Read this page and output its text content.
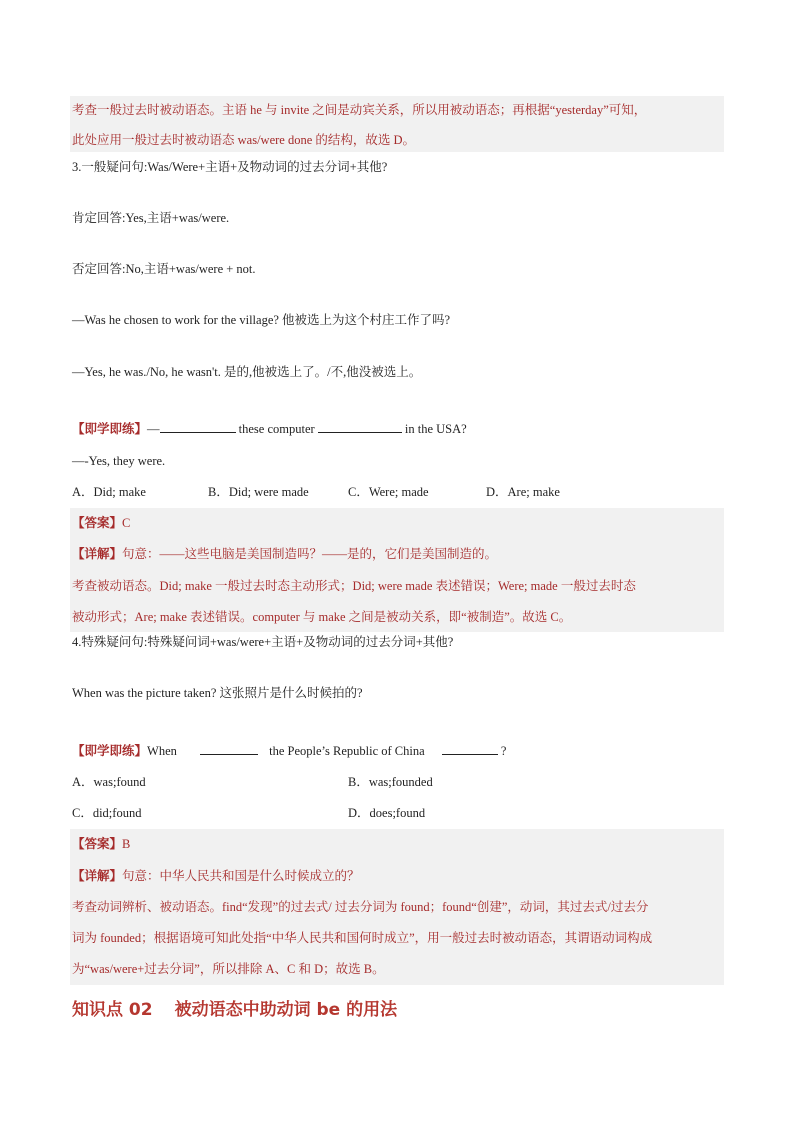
考查一般过去时被动语态。主语 he 与 invite 之间是动宾关系，所以用被动语态；再根据“yesterday”可知，
此处应用一般过去时被动语态 was/were done 的结构，故选 D。
3.一般疑问句:Was/Were+主语+及物动词的过去分词+其他?
肯定回答:Yes,主语+was/were.
否定回答:No,主语+was/were + not.
—Was he chosen to work for the village? 他被选上为这个村庄工作了吗?
—Yes, he was./No, he wasn't. 是的,他被选上了。/不,他没被选上。
【即学即练】—	these computer	in the USA?
—-Yes, they were.
A．Did; make	B．Did; were made	C．Were; made	D．Are; make
【答案】C
【详解】句意：——这些电脑是美国制造吗？——是的，它们是美国制造的。
考查被动语态。Did; make 一般过去时态主动形式；Did; were made 表述错误；Were; made 一般过去时态
被动形式；Are; make 表述错误。computer 与 make 之间是被动关系，即“被制造”。故选 C。
4.特殊疑问句:特殊疑问词+was/were+主语+及物动词的过去分词+其他?
When was the picture taken? 这张照片是什么时候拍的?
【即学即练】When	the People’s Republic of China	?
A．was;found	B．was;founded
C．did;found	D．does;found
【答案】B
【详解】句意：中华人民共和国是什么时候成立的？
考查动词辨析、被动语态。find“发现”的过去式/ 过去分词为 found；found“创建”，动词，其过去式/过去分
词为 founded；根据语境可知此处指“中华人民共和国何时成立”，用一般过去时被动语态，其谓语动词构成
为“was/were+过去分词”，所以排除 A、C 和 D；故选 B。
知识点 02 被动语态中助动词 be 的用法
